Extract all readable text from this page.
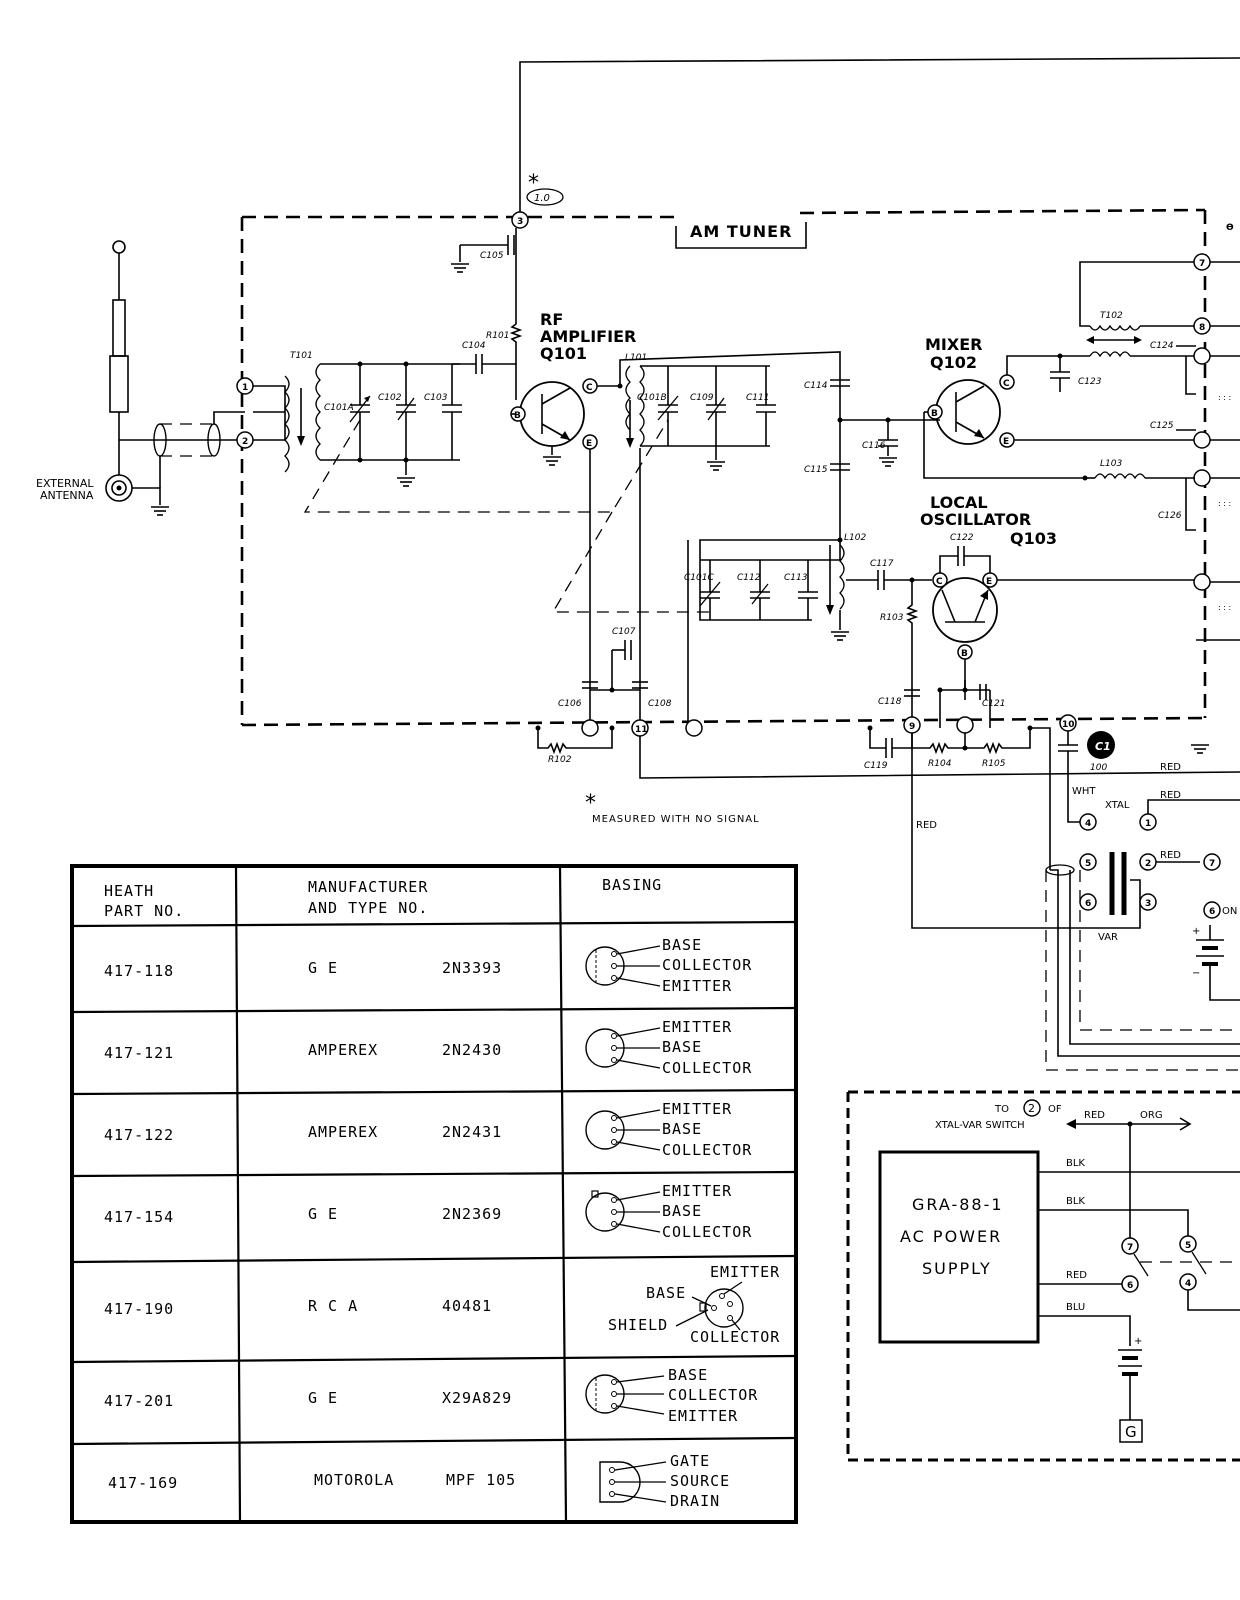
AM TUNER
*
1.0
EXTERNAL
ANTENNA
1
2
3
T101
C101A
C102	C103
C104
R101
C105
B
C
E
RF
AMPLIFIER
Q101	L101
C101B	C109	C111
C114
C115
C116
B
C
E
MIXER
Q102
C123
T102
7
8
Ɵ
C124
C125
C126
: : :
: : :
: : :
L103
L102
C101C	C112	C113
C117
C	E
B
LOCAL
OSCILLATOR
Q103
C122
R103
C118	C121
C107
C106	C108
11	9	10
R102
C119	R104	R105	RED
RED
WHT
C1
100
4	1
XTAL
RED
5
6
2
3
VAR
RED
7
6 ON
+
−
*
MEASURED WITH NO SIGNAL
GRA-88-1
AC POWER
SUPPLY
TO 2 OF
XTAL-VAR SWITCH
RED	ORG
BLK
BLK
7	5
6	4
RED
BLU
+
G
HEATH
PART NO.
MANUFACTURER
AND TYPE NO.
BASING
417-118	G E	2N3393
BASE
COLLECTOR
EMITTER
417-121	AMPEREX	2N2430
EMITTER
BASE
COLLECTOR
417-122	AMPEREX	2N2431
EMITTER
BASE
COLLECTOR
417-154	G E	2N2369
EMITTER
BASE
COLLECTOR
417-190	R C A	40481
EMITTER
BASE
SHIELD
COLLECTOR
417-201	G E	X29A829
BASE
COLLECTOR
EMITTER
417-169	MOTOROLA	MPF 105
GATE
SOURCE
DRAIN
